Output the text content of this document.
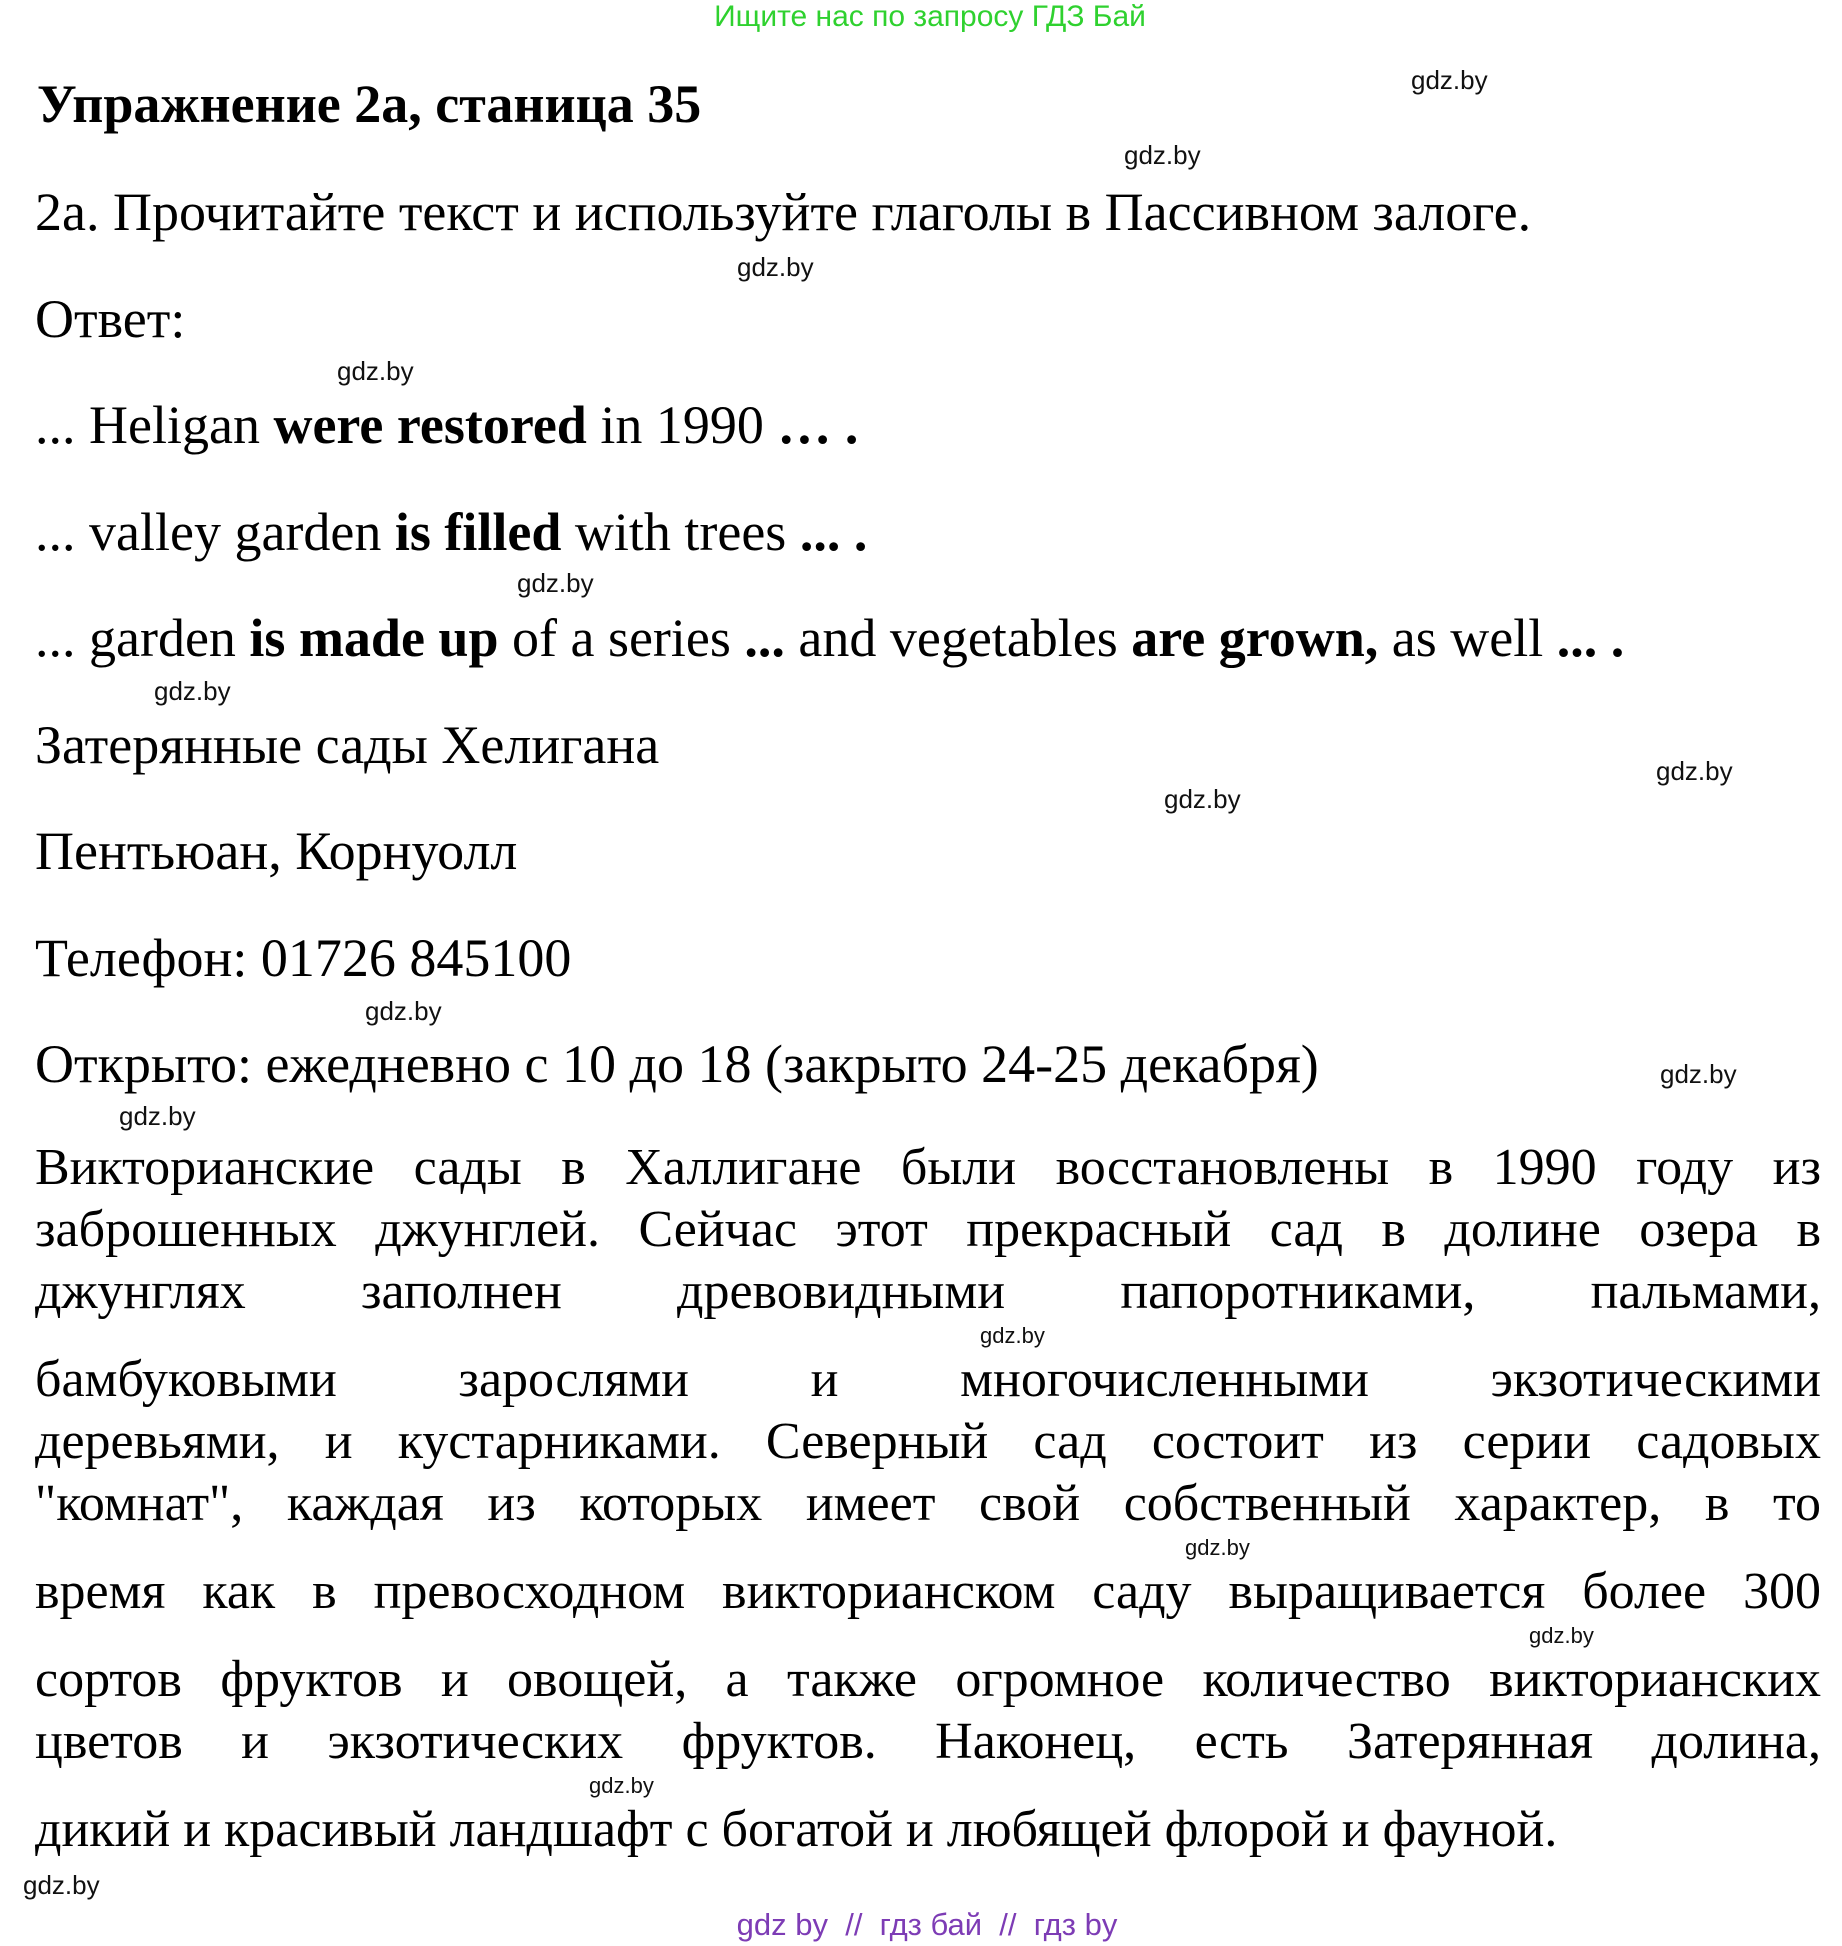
Ищите нас по запросу ГДЗ Бай
Упражнение 2а, станица 35
2а. Прочитайте текст и используйте глаголы в Пассивном залоге.
Ответ:
... Heligan were restored in 1990 … .
... valley garden is filled with trees ... .
... garden is made up of a series ... and vegetables are grown, as well ... .
Затерянные сады Хелигана
Пентьюан, Корнуолл
Телефон: 01726 845100
Открыто: ежедневно с 10 до 18 (закрыто 24-25 декабря)
Викторианские сады в Халлигане были восстановлены в 1990 году из
заброшенных джунглей. Сейчас этот прекрасный сад в долине озера в
джунглях заполнен древовидными папоротниками, пальмами,
gdz.by
бамбуковыми зарослями и многочисленными экзотическими
деревьями, и кустарниками. Северный сад состоит из серии садовых
"комнат", каждая из которых имеет свой собственный характер, в то
gdz.by
время как в превосходном викторианском саду выращивается более 300
gdz.by
сортов фруктов и овощей, а также огромное количество викторианских
цветов и экзотических фруктов. Наконец, есть Затерянная долина,
gdz.by
дикий и красивый ландшафт с богатой и любящей флорой и фауной.
gdz.by
gdz.by
gdz.by
gdz.by
gdz.by
gdz.by
gdz.by
gdz.by
gdz.by
gdz.by
gdz.by
gdz.by
gdz by  //  гдз бай  //  гдз by
